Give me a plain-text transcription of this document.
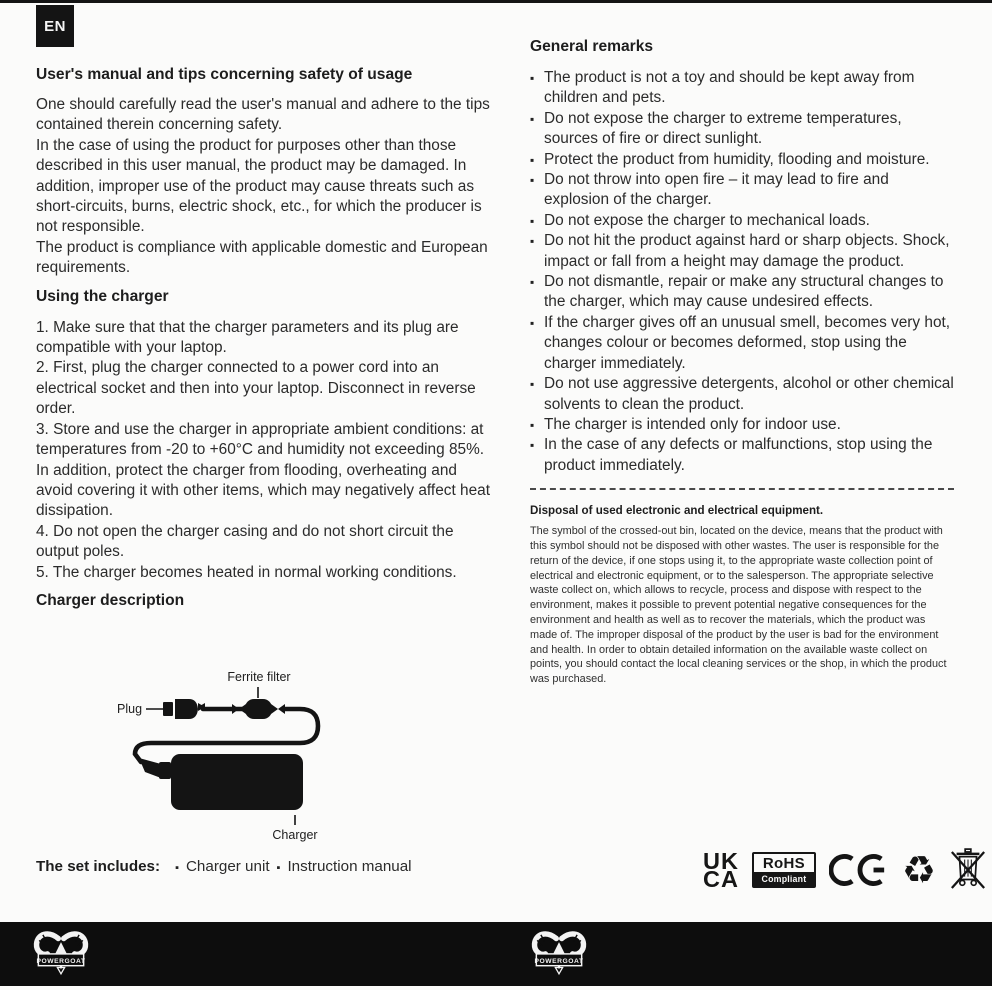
EN
User's manual and tips concerning safety of usage
One should carefully read the user's manual and adhere to the tips contained therein concerning safety.
In the case of using the product for purposes other than those described in this user manual, the product may be damaged. In addition, improper use of the product may cause threats such as short-circuits, burns, electric shock, etc., for which the producer is not responsible.
The product is compliance with applicable domestic and European requirements.
Using the charger
1. Make sure that that the charger parameters and its plug are compatible with your laptop.
2. First, plug the charger connected to a power cord into an electrical socket and then into your laptop. Disconnect in reverse order.
3. Store and use the charger in appropriate ambient conditions: at temperatures from -20 to +60°C and humidity not exceeding 85%. In addition, protect the charger from flooding, overheating and avoid covering it with other items, which may negatively affect heat dissipation.
4. Do not open the charger casing and do not short circuit the output poles.
5. The charger becomes heated in normal working conditions.
Charger description
Ferrite filter
Plug
Charger
The set includes: ▪ Charger unit ▪ Instruction manual
General remarks
▪ The product is not a toy and should be kept away from children and pets.
▪ Do not expose the charger to extreme temperatures, sources of fire or direct sunlight.
▪ Protect the product from humidity, flooding and moisture.
▪ Do not throw into open fire – it may lead to fire and explosion of the charger.
▪ Do not expose the charger to mechanical loads.
▪ Do not hit the product against hard or sharp objects. Shock, impact or fall from a height may damage the product.
▪ Do not dismantle, repair or make any structural changes to the charger, which may cause undesired effects.
▪ If the charger gives off an unusual smell, becomes very hot, changes colour or becomes deformed, stop using the charger immediately.
▪ Do not use aggressive detergents, alcohol or other chemical solvents to clean the product.
▪ The charger is intended only for indoor use.
▪ In the case of any defects or malfunctions, stop using the product immediately.
Disposal of used electronic and electrical equipment.
The symbol of the crossed-out bin, located on the device, means that the product with this symbol should not be disposed with other wastes. The user is responsible for the return of the device, if one stops using it, to the appropriate waste collection point of electrical and electronic equipment, or to the salesperson. The appropriate selective waste collect on, which allows to recycle, process and dispose with respect to the environment, makes it possible to prevent potential negative consequences for the environment and health as well as to recover the materials, which the product was made of. The improper disposal of the product by the user is bad for the environment and health. In order to obtain detailed information on the available waste collect on points, you should contact the local cleaning services or the shop, in which the product was purchased.
UK
CA
RoHS
Compliant	♻
POWERGOAT	POWERGOAT
